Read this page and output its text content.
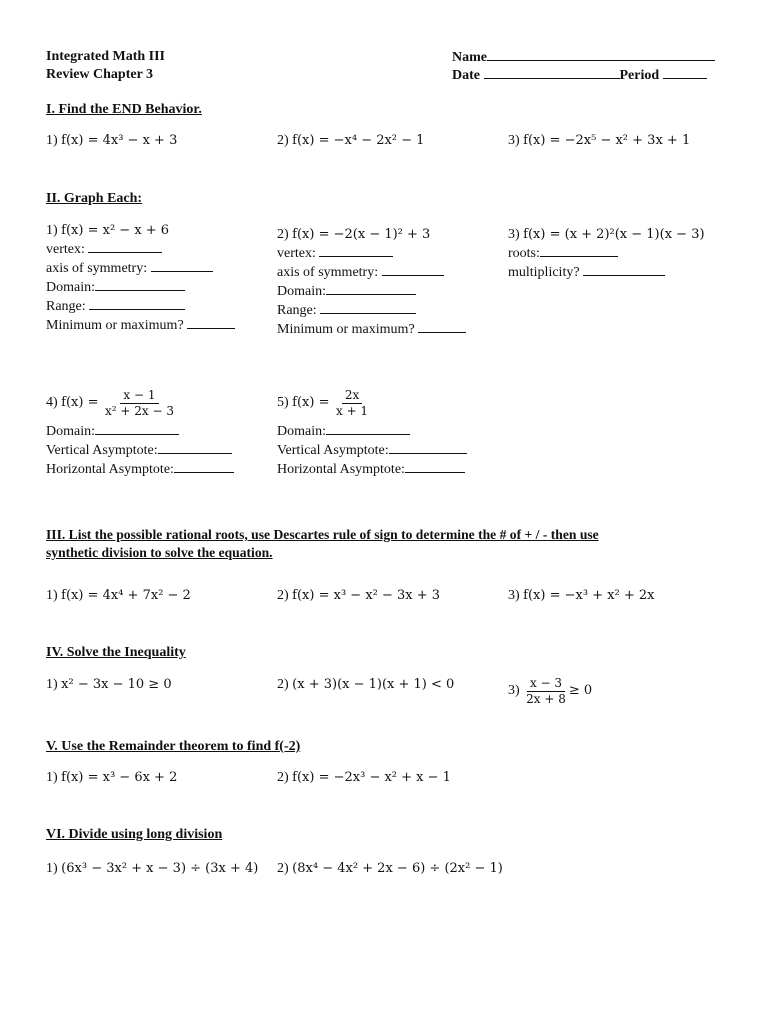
Integrated Math III
Review Chapter 3
Name
Date	Period
I. Find the END Behavior.
1) f(x) = 4x³ − x + 3	2) f(x) = −x⁴ − 2x² − 1	3) f(x) = −2x⁵ − x² + 3x + 1
II. Graph Each:
1) f(x) = x² − x + 6
vertex:
axis of symmetry:
Domain:
Range:
Minimum or maximum?
2) f(x) = −2(x − 1)² + 3
vertex:
axis of symmetry:
Domain:
Range:
Minimum or maximum?
3) f(x) = (x + 2)²(x − 1)(x − 3)
roots:
multiplicity?
4)
f(x) =
$\frac{x - 1}{\text{x² + 2x − 3}}$
Domain:
Vertical Asymptote:
Horizontal Asymptote:
5)
f(x) =
$\frac{2x}{x + 1}$
Domain:
Vertical Asymptote:
Horizontal Asymptote:
III. List the possible rational roots, use Descartes rule of sign to determine the # of + / - then use
synthetic division to solve the equation.
1) f(x) = 4x⁴ + 7x² − 2	2) f(x) = x³ − x² − 3x + 3	3) f(x) = −x³ + x² + 2x
IV. Solve the Inequality
1) x² − 3x − 10 ≥ 0	2) (x + 3)(x − 1)(x + 1) < 0	3)
$\frac{x - 3}{2x + 8} \ge 0$
V. Use the Remainder theorem to find f(-2)
1) f(x) = x³ − 6x + 2	2) f(x) = −2x³ − x² + x − 1
VI. Divide using long division
1) (6x³ − 3x² + x − 3) ÷ (3x + 4) 2) (8x⁴ − 4x² + 2x − 6) ÷ (2x² − 1)
